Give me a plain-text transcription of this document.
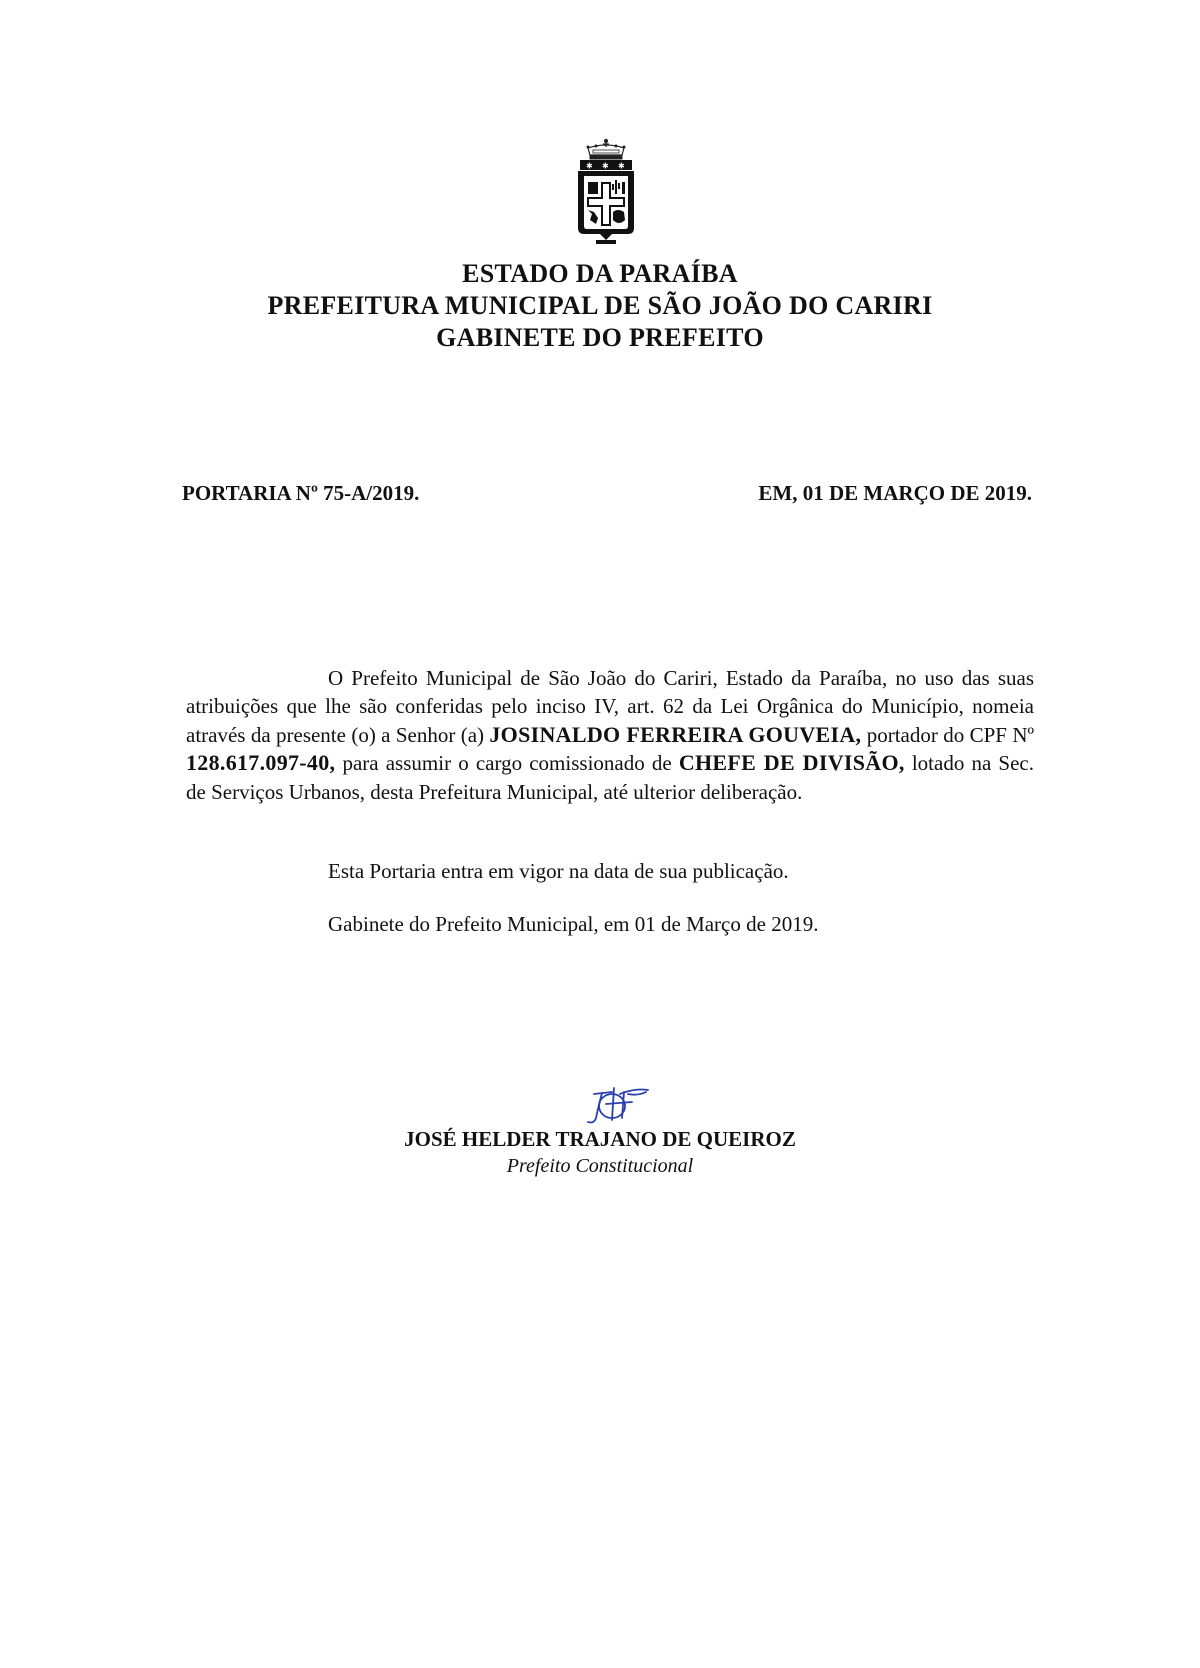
✱ ✱ ✱
ESTADO DA PARAÍBA
PREFEITURA MUNICIPAL DE SÃO JOÃO DO CARIRI
GABINETE DO PREFEITO
PORTARIA Nº 75-A/2019.	EM, 01 DE MARÇO DE 2019.

O Prefeito Municipal de São João do Cariri, Estado da Paraíba, no uso das suas atribuições que lhe são conferidas pelo inciso IV, art. 62 da Lei Orgânica do Município, nomeia através da presente (o) a Senhor (a) JOSINALDO FERREIRA GOUVEIA, portador do CPF Nº 128.617.097-40, para assumir o cargo comissionado de CHEFE DE DIVISÃO, lotado na Sec. de Serviços Urbanos, desta Prefeitura Municipal, até ulterior deliberação.

Esta Portaria entra em vigor na data de sua publicação.
Gabinete do Prefeito Municipal, em 01 de Março de 2019.
JOSÉ HELDER TRAJANO DE QUEIROZ
Prefeito Constitucional
